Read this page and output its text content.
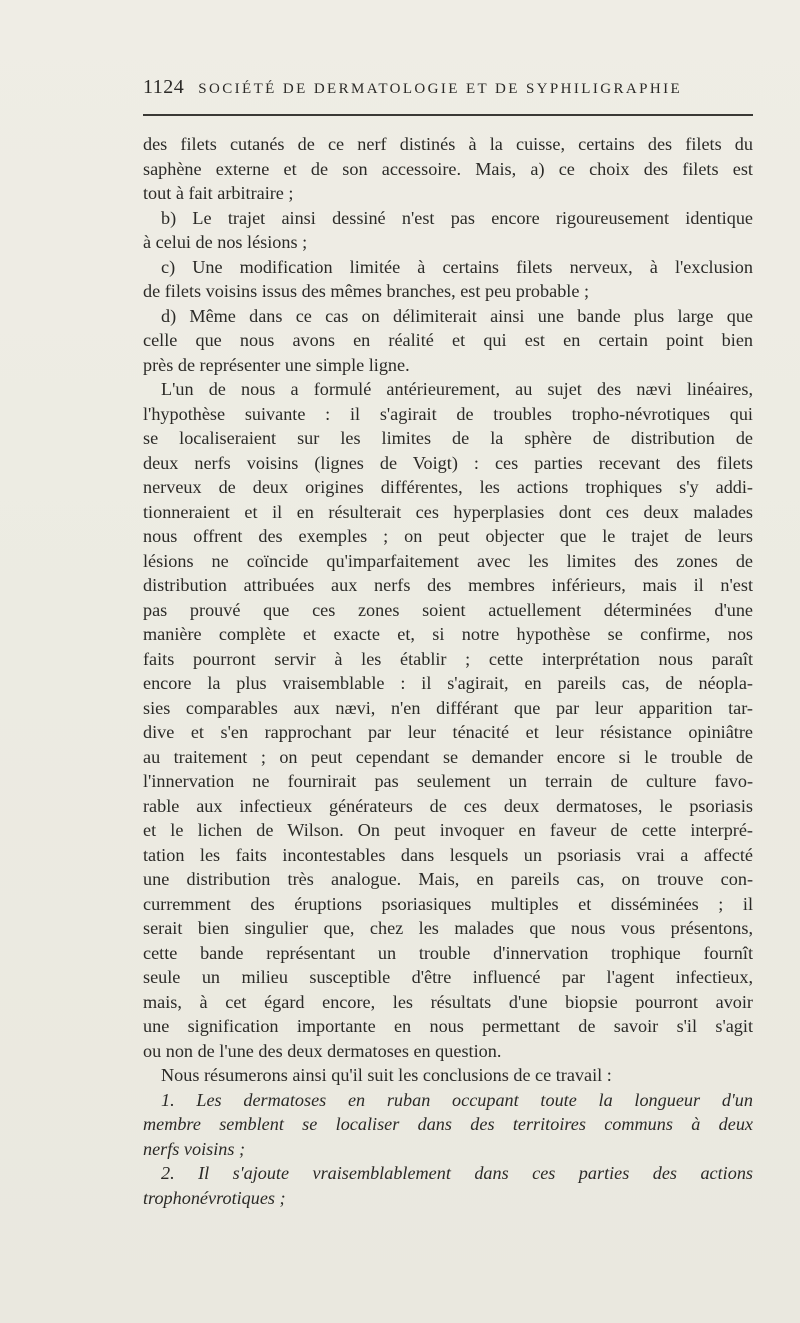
1124 SOCIÉTÉ DE DERMATOLOGIE ET DE SYPHILIGRAPHIE
des filets cutanés de ce nerf distinés à la cuisse, certains des filets du
saphène externe et de son accessoire. Mais, a) ce choix des filets est
tout à fait arbitraire ;
b) Le trajet ainsi dessiné n'est pas encore rigoureusement identique
à celui de nos lésions ;
c) Une modification limitée à certains filets nerveux, à l'exclusion
de filets voisins issus des mêmes branches, est peu probable ;
d) Même dans ce cas on délimiterait ainsi une bande plus large que
celle que nous avons en réalité et qui est en certain point bien
près de représenter une simple ligne.
L'un de nous a formulé antérieurement, au sujet des nævi linéaires,
l'hypothèse suivante : il s'agirait de troubles tropho-névrotiques qui
se localiseraient sur les limites de la sphère de distribution de
deux nerfs voisins (lignes de Voigt) : ces parties recevant des filets
nerveux de deux origines différentes, les actions trophiques s'y addi-
tionneraient et il en résulterait ces hyperplasies dont ces deux malades
nous offrent des exemples ; on peut objecter que le trajet de leurs
lésions ne coïncide qu'imparfaitement avec les limites des zones de
distribution attribuées aux nerfs des membres inférieurs, mais il n'est
pas prouvé que ces zones soient actuellement déterminées d'une
manière complète et exacte et, si notre hypothèse se confirme, nos
faits pourront servir à les établir ; cette interprétation nous paraît
encore la plus vraisemblable : il s'agirait, en pareils cas, de néopla-
sies comparables aux nævi, n'en différant que par leur apparition tar-
dive et s'en rapprochant par leur ténacité et leur résistance opiniâtre
au traitement ; on peut cependant se demander encore si le trouble de
l'innervation ne fournirait pas seulement un terrain de culture favo-
rable aux infectieux générateurs de ces deux dermatoses, le psoriasis
et le lichen de Wilson. On peut invoquer en faveur de cette interpré-
tation les faits incontestables dans lesquels un psoriasis vrai a affecté
une distribution très analogue. Mais, en pareils cas, on trouve con-
curremment des éruptions psoriasiques multiples et disséminées ; il
serait bien singulier que, chez les malades que nous vous présentons,
cette bande représentant un trouble d'innervation trophique fournît
seule un milieu susceptible d'être influencé par l'agent infectieux,
mais, à cet égard encore, les résultats d'une biopsie pourront avoir
une signification importante en nous permettant de savoir s'il s'agit
ou non de l'une des deux dermatoses en question.
Nous résumerons ainsi qu'il suit les conclusions de ce travail :
1. Les dermatoses en ruban occupant toute la longueur d'un
membre semblent se localiser dans des territoires communs à deux
nerfs voisins ;
2. Il s'ajoute vraisemblablement dans ces parties des actions
trophonévrotiques ;
